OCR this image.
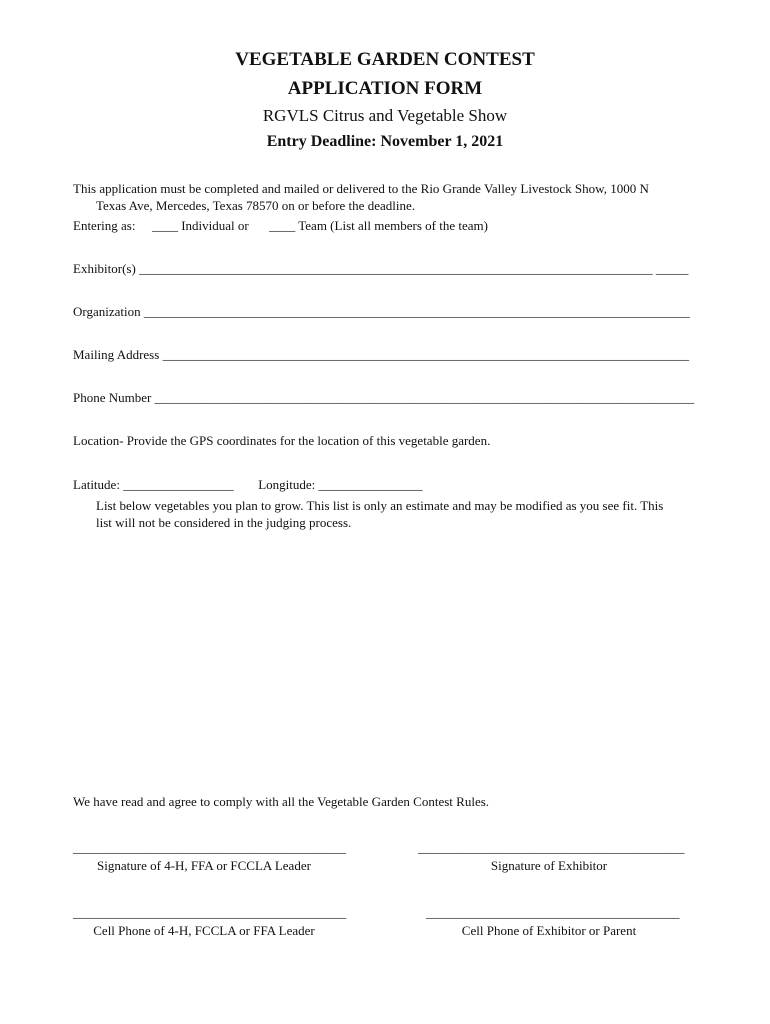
VEGETABLE GARDEN CONTEST
APPLICATION FORM
RGVLS Citrus and Vegetable Show
Entry Deadline: November 1, 2021
This application must be completed and mailed or delivered to the Rio Grande Valley Livestock Show, 1000 N
Texas Ave, Mercedes, Texas 78570 on or before the deadline.
Entering as: ____ Individual or ____ Team (List all members of the team)
Exhibitor(s) _______________________________________________________________________________ _____
Organization ____________________________________________________________________________________
Mailing Address _________________________________________________________________________________
Phone Number ___________________________________________________________________________________
Location- Provide the GPS coordinates for the location of this vegetable garden.
Latitude: _________________ Longitude: ________________
List below vegetables you plan to grow. This list is only an estimate and may be modified as you see fit. This
list will not be considered in the judging process.
We have read and agree to comply with all the Vegetable Garden Contest Rules.
__________________________________________
Signature of 4-H, FFA or FCCLA Leader
_________________________________________
Signature of Exhibitor
__________________________________________
Cell Phone of 4-H, FCCLA or FFA Leader
_______________________________________
Cell Phone of Exhibitor or Parent
